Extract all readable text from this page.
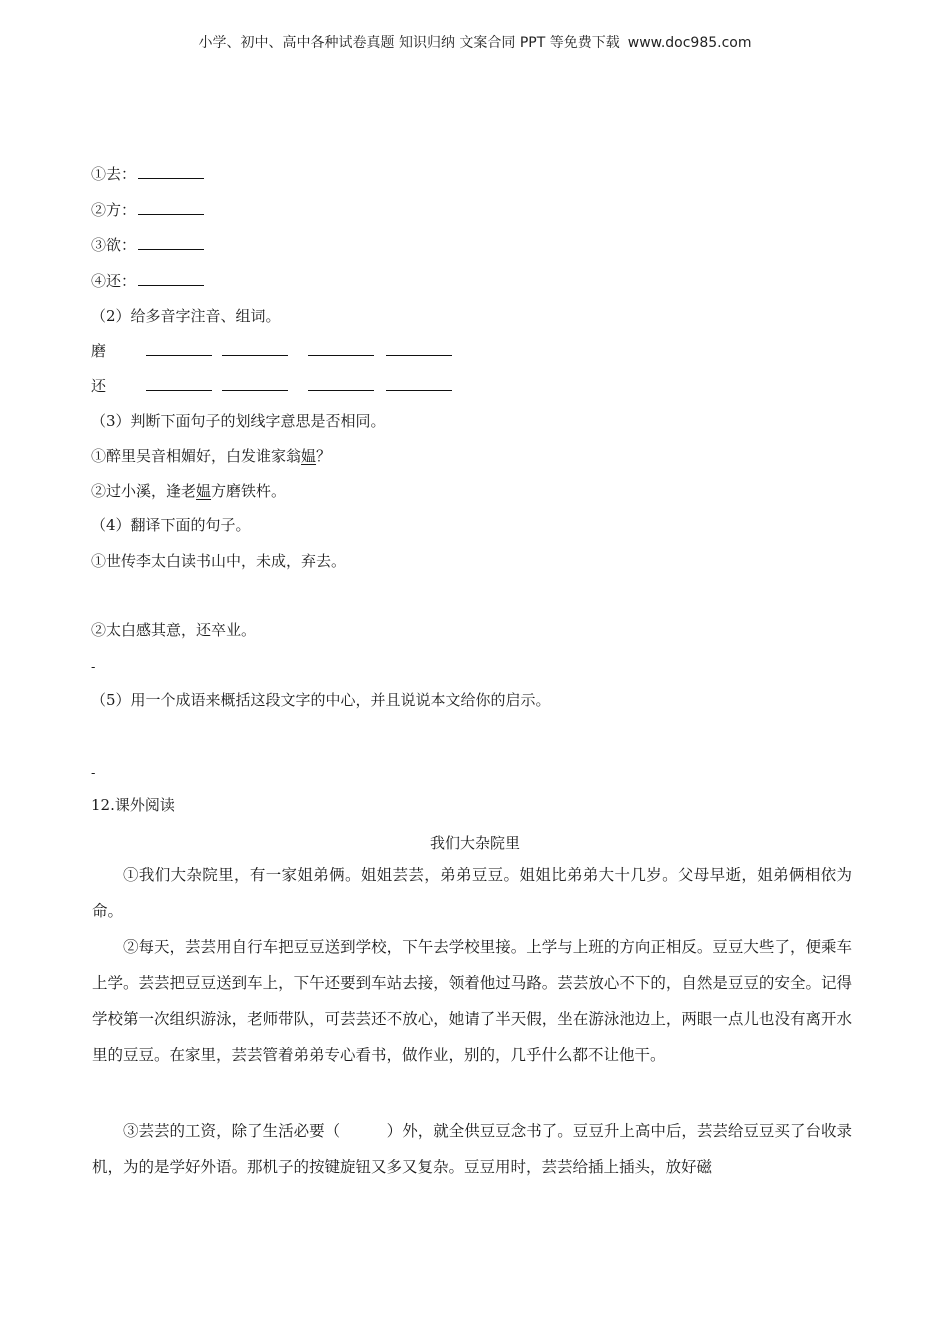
小学、初中、高中各种试卷真题 知识归纳 文案合同 PPT 等免费下载 www.doc985.com
①去：
②方：
③欲：
④还：
（2）给多音字注音、组词。
磨
还
（3）判断下面句子的划线字意思是否相同。
①醉里吴音相媚好，白发谁家翁媪？
②过小溪，逢老媪方磨铁杵。
（4）翻译下面的句子。
①世传李太白读书山中，未成，弃去。
②太白感其意，还卒业。
-
（5）用一个成语来概括这段文字的中心，并且说说本文给你的启示。
-
12.课外阅读
我们大杂院里

①我们大杂院里，有一家姐弟俩。姐姐芸芸，弟弟豆豆。姐姐比弟弟大十几岁。父母早逝，姐弟俩相依为命。

②每天，芸芸用自行车把豆豆送到学校，下午去学校里接。上学与上班的方向正相反。豆豆大些了，便乘车上学。芸芸把豆豆送到车上，下午还要到车站去接，领着他过马路。芸芸放心不下的，自然是豆豆的安全。记得学校第一次组织游泳，老师带队，可芸芸还不放心，她请了半天假，坐在游泳池边上，两眼一点儿也没有离开水里的豆豆。在家里，芸芸管着弟弟专心看书，做作业，别的，几乎什么都不让他干。

③芸芸的工资，除了生活必要（　　　）外，就全供豆豆念书了。豆豆升上高中后，芸芸给豆豆买了台收录机，为的是学好外语。那机子的按键旋钮又多又复杂。豆豆用时，芸芸给插上插头，放好磁
